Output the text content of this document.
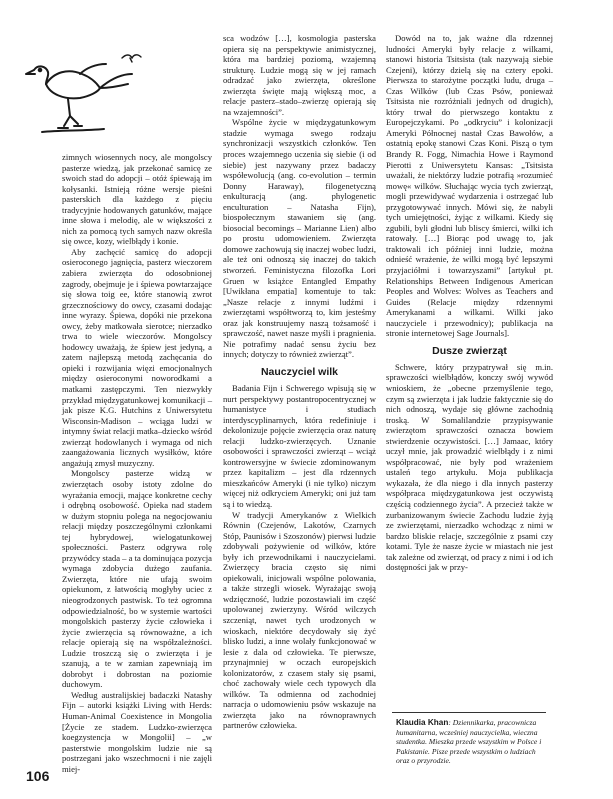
zimnych wiosennych nocy, ale mongolscy pasterze wiedzą, jak przekonać samicę ze swoich stad do adopcji – otóż śpiewają im kołysanki. Istnieją różne wersje pieśni pasterskich dla każdego z pięciu tradycyjnie hodowanych gatunków, mające inne słowa i melodię, ale w większości z nich za pomocą tych samych nazw określa się owce, kozy, wielbłądy i konie.

Aby zachęcić samicę do adopcji osieroconego jagnięcia, pasterz wieczorem zabiera zwierzęta do odosobnionej zagrody, obejmuje je i śpiewa powtarzające się słowa toig ee, które stanowią zwrot grzecznościowy do owcy, czasami dodając inne wyrazy. Śpiewa, dopóki nie przekona owcy, żeby matkowała sierotce; nierzadko trwa to wiele wieczorów. Mongolscy hodowcy uważają, że śpiew jest jedyną, a zatem najlepszą metodą zachęcania do opieki i rozwijania więzi emocjonalnych między osieroconymi noworodkami a matkami zastępczymi. Ten niezwykły przykład międzygatunkowej komunikacji – jak pisze K.G. Hutchins z Uniwersytetu Wisconsin-Madison – wciąga ludzi w intymny świat relacji matka–dziecko wśród zwierząt hodowlanych i wymaga od nich zaangażowania licznych wysiłków, które angażują zmysł muzyczny.

Mongolscy pasterze widzą w zwierzętach osoby istoty zdolne do wyrażania emocji, mające konkretne cechy i odrębną osobowość. Opieka nad stadem w dużym stopniu polega na negocjowaniu relacji między poszczególnymi członkami tej hybrydowej, wielogatunkowej społeczności. Pasterz odgrywa rolę przywódcy stada – a ta dominująca pozycja wymaga zdobycia dużego zaufania. Zwierzęta, które nie ufają swoim opiekunom, z łatwością mogłyby uciec z nieogrodzonych pastwisk. To też ogromna odpowiedzialność, bo w systemie wartości mongolskich pasterzy życie człowieka i życie zwierzęcia są równoważne, a ich relacje opierają się na współzależności. Ludzie troszczą się o zwierzęta i je szanują, a te w zamian zapewniają im dobrobyt i dobrostan na poziomie duchowym.

Według australijskiej badaczki Natashy Fijn – autorki książki Living with Herds: Human-Animal Coexistence in Mongolia [Życie ze stadem. Ludzko-zwierzęca koegzystencja w Mongolii] – „w pasterstwie mongolskim ludzie nie są postrzegani jako wszechmocni i nie zajęli miej-

sca wodzów […], kosmologia pasterska opiera się na perspektywie animistycznej, która ma bardziej poziomą, wzajemną strukturę. Ludzie mogą się w jej ramach odradzać jako zwierzęta, określone zwierzęta święte mają większą moc, a relacje pasterz–stado–zwierzę opierają się na wzajemności”.

Wspólne życie w międzygatunkowym stadzie wymaga swego rodzaju synchronizacji wszystkich członków. Ten proces wzajemnego uczenia się siebie (i od siebie) jest nazywany przez badaczy współewolucją (ang. co-evolution – termin Donny Haraway), filogenetyczną enkulturacją (ang. phylogenetic enculturation – Natasha Fijn), biospołecznym stawaniem się (ang. biosocial becomings – Marianne Lien) albo po prostu udomowieniem. Zwierzęta domowe zachowują się inaczej wobec ludzi, ale też oni odnoszą się inaczej do takich stworzeń. Feministyczna filozofka Lori Gruen w książce Entangled Empathy [Uwikłana empatia] komentuje to tak: „Nasze relacje z innymi ludźmi i zwierzętami współtworzą to, kim jesteśmy oraz jak konstruujemy naszą tożsamość i sprawczość, nawet nasze myśli i pragnienia. Nie potrafimy nadać sensu życiu bez innych; dotyczy to również zwierząt”.

Nauczyciel wilk

Badania Fijn i Schwerego wpisują się w nurt perspektywy postantropocentrycznej w humanistyce i studiach interdyscyplinarnych, która redefiniuje i dekolonizuje pojęcie zwierzęcia oraz naturę relacji ludzko-zwierzęcych. Uznanie osobowości i sprawczości zwierząt – wciąż kontrowersyjne w świecie zdominowanym przez kapitalizm – jest dla rdzennych mieszkańców Ameryki (i nie tylko) niczym więcej niż odkryciem Ameryki; oni już tam są i to wiedzą.

W tradycji Amerykanów z Wielkich Równin (Czejenów, Lakotów, Czarnych Stóp, Paunisów i Szoszonów) pierwsi ludzie zdobywali pożywienie od wilków, które były ich przewodnikami i nauczycielami. Zwierzęcy bracia często się nimi opiekowali, inicjowali wspólne polowania, a także strzegli wiosek. Wyrażając swoją wdzięczność, ludzie pozostawiali im część upolowanej zwierzyny. Wśród wilczych szczeniąt, nawet tych urodzonych w wioskach, niektóre decydowały się żyć blisko ludzi, a inne wolały funkcjonować w lesie z dala od człowieka. Te pierwsze, przynajmniej w oczach europejskich kolonizatorów, z czasem stały się psami, choć zachowały wiele cech typowych dla wilków. Ta odmienna od zachodniej narracja o udomowieniu psów wskazuje na zwierzęta jako na równoprawnych partnerów człowieka.

Dowód na to, jak ważne dla rdzennej ludności Ameryki były relacje z wilkami, stanowi historia Tsitsista (tak nazywają siebie Czejeni), którzy dzielą się na cztery epoki. Pierwsza to starożytne początki ludu, druga – Czas Wilków (lub Czas Psów, ponieważ Tsitsista nie rozróżniali jednych od drugich), który trwał do pierwszego kontaktu z Europejczykami. Po „odkryciu” i kolonizacji Ameryki Północnej nastał Czas Bawołów, a ostatnią epokę stanowi Czas Koni. Piszą o tym Brandy R. Fogg, Nimachia Howe i Raymond Pierotti z Uniwersytetu Kansas: „Tsitsista uważali, że niektórzy ludzie potrafią »rozumieć mowę« wilków. Słuchając wycia tych zwierząt, mogli przewidywać wydarzenia i ostrzegać lub przygotowywać innych. Mówi się, że nabyli tych umiejętności, żyjąc z wilkami. Kiedy się zgubili, byli głodni lub bliscy śmierci, wilki ich ratowały. […] Biorąc pod uwagę to, jak traktowali ich później inni ludzie, można odnieść wrażenie, że wilki mogą być lepszymi przyjaciółmi i towarzyszami” [artykuł pt. Relationships Between Indigenous American Peoples and Wolves: Wolves as Teachers and Guides (Relacje między rdzennymi Amerykanami a wilkami. Wilki jako nauczyciele i przewodnicy); publikacja na stronie internetowej Sage Journals].

Dusze zwierząt

Schwere, który przypatrywał się m.in. sprawczości wielbłądów, konczy swój wywód wnioskiem, że „obecne przemyślenie tego, czym są zwierzęta i jak ludzie faktycznie się do nich odnoszą, wydaje się główne zachodnią troską. W Somalilandzie przypisywanie zwierzętom sprawczości oznacza bowiem stwierdzenie oczywistości. […] Jamaac, który uczył mnie, jak prowadzić wielbłądy i z nimi współpracować, nie były pod wrażeniem ustaleń tego artykułu. Moja publikacja wykazała, że dla niego i dla innych pasterzy współpraca międzygatunkowa jest oczywistą częścią codziennego życia”. A przecież także w zurbanizowanym świecie Zachodu ludzie żyją ze zwierzętami, nierzadko wchodząc z nimi w bardzo bliskie relacje, szczególnie z psami czy kotami. Tyle że nasze życie w miastach nie jest tak zależne od zwierząt, od pracy z nimi i od ich dostępności jak w przy-

Klaudia Khan: Dziennikarka, pracownicza humanitarna, wcześniej nauczycielka, wieczna studentka. Mieszka przede wszystkim w Polsce i Pakistanie. Pisze przede wszystkim o ludziach oraz o przyrodzie.
106
